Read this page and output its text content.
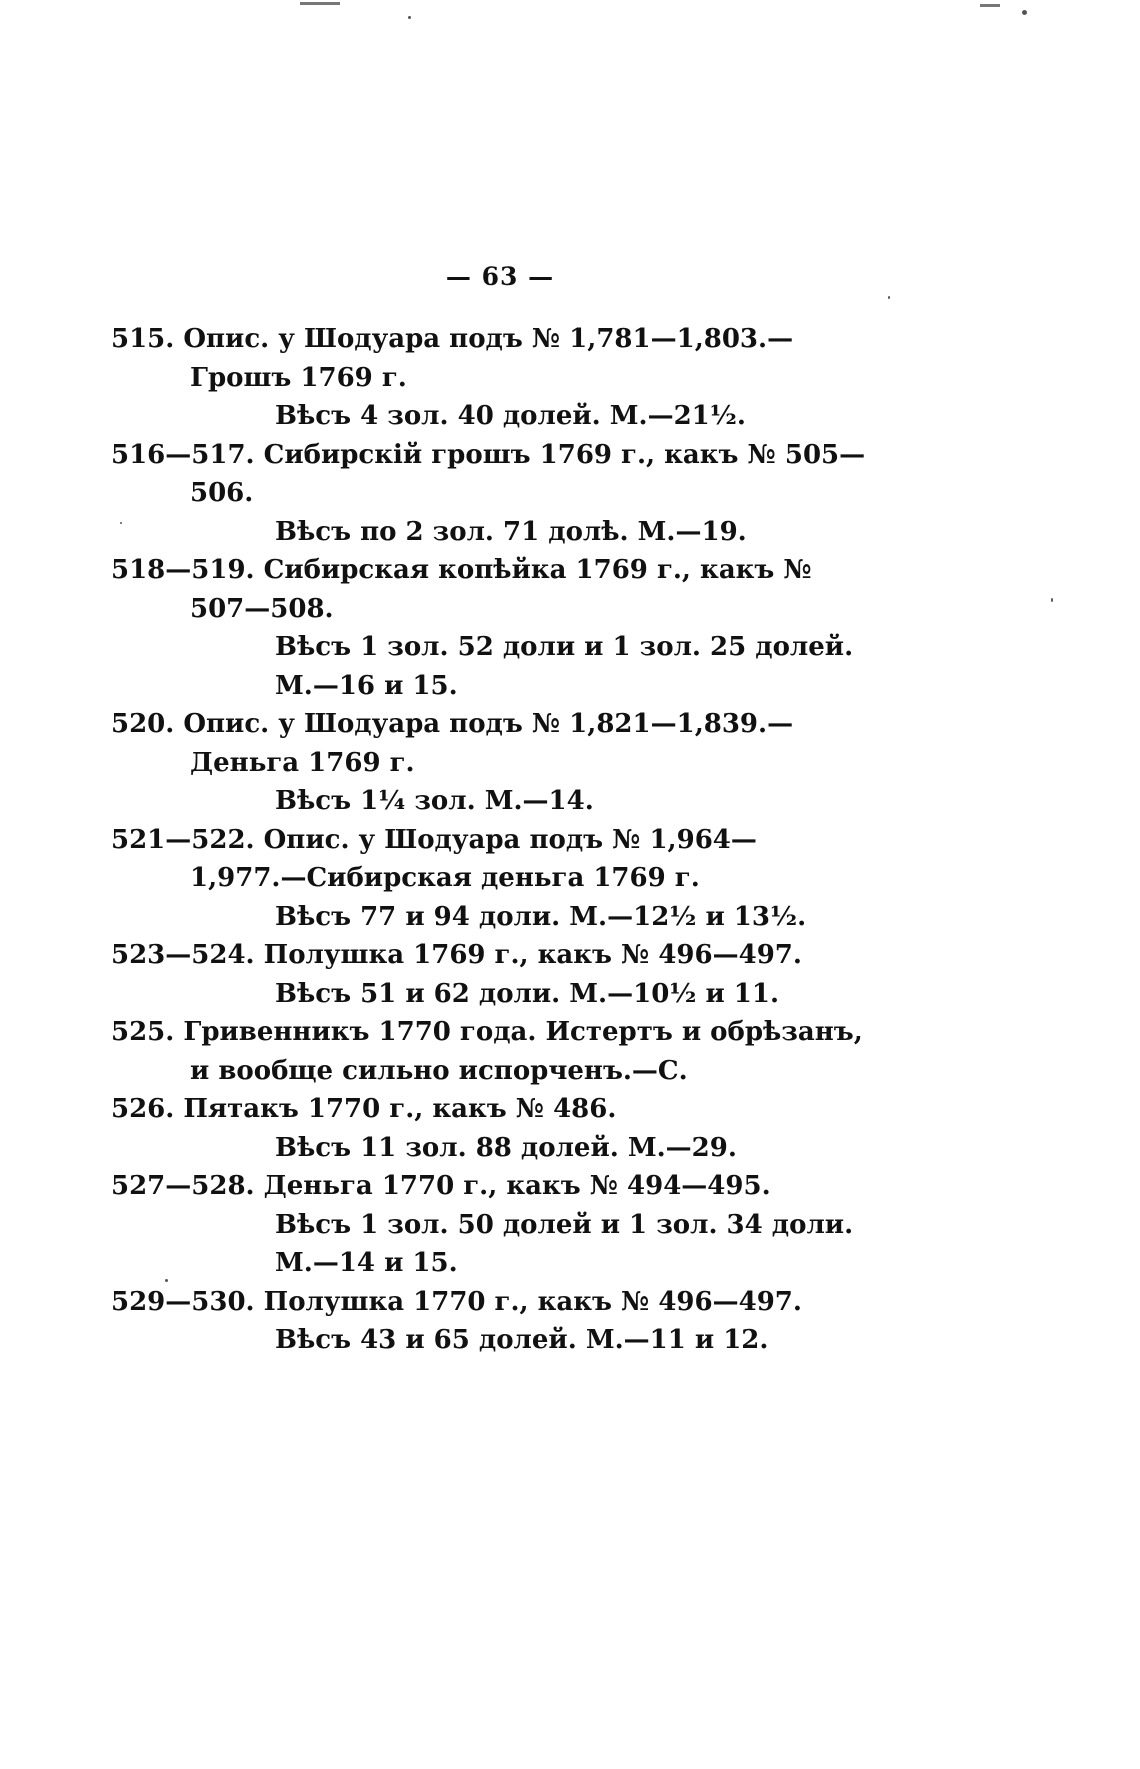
— 63 —
515. Опис. у Шодуара подъ № 1,781—1,803.—
Грошъ 1769 г.
Вѣсъ 4 зол. 40 долей. М.—21½.
516—517. Сибирскій грошъ 1769 г., какъ № 505—
506.
Вѣсъ по 2 зол. 71 долѣ. М.—19.
518—519. Сибирская копѣйка 1769 г., какъ №
507—508.
Вѣсъ 1 зол. 52 доли и 1 зол. 25 долей.
М.—16 и 15.
520. Опис. у Шодуара подъ № 1,821—1,839.—
Деньга 1769 г.
Вѣсъ 1¼ зол. М.—14.
521—522. Опис. у Шодуара подъ № 1,964—
1,977.—Сибирская деньга 1769 г.
Вѣсъ 77 и 94 доли. М.—12½ и 13½.
523—524. Полушка 1769 г., какъ № 496—497.
Вѣсъ 51 и 62 доли. М.—10½ и 11.
525. Гривенникъ 1770 года. Истертъ и обрѣзанъ,
и вообще сильно испорченъ.—С.
526. Пятакъ 1770 г., какъ № 486.
Вѣсъ 11 зол. 88 долей. М.—29.
527—528. Деньга 1770 г., какъ № 494—495.
Вѣсъ 1 зол. 50 долей и 1 зол. 34 доли.
М.—14 и 15.
529—530. Полушка 1770 г., какъ № 496—497.
Вѣсъ 43 и 65 долей. М.—11 и 12.
